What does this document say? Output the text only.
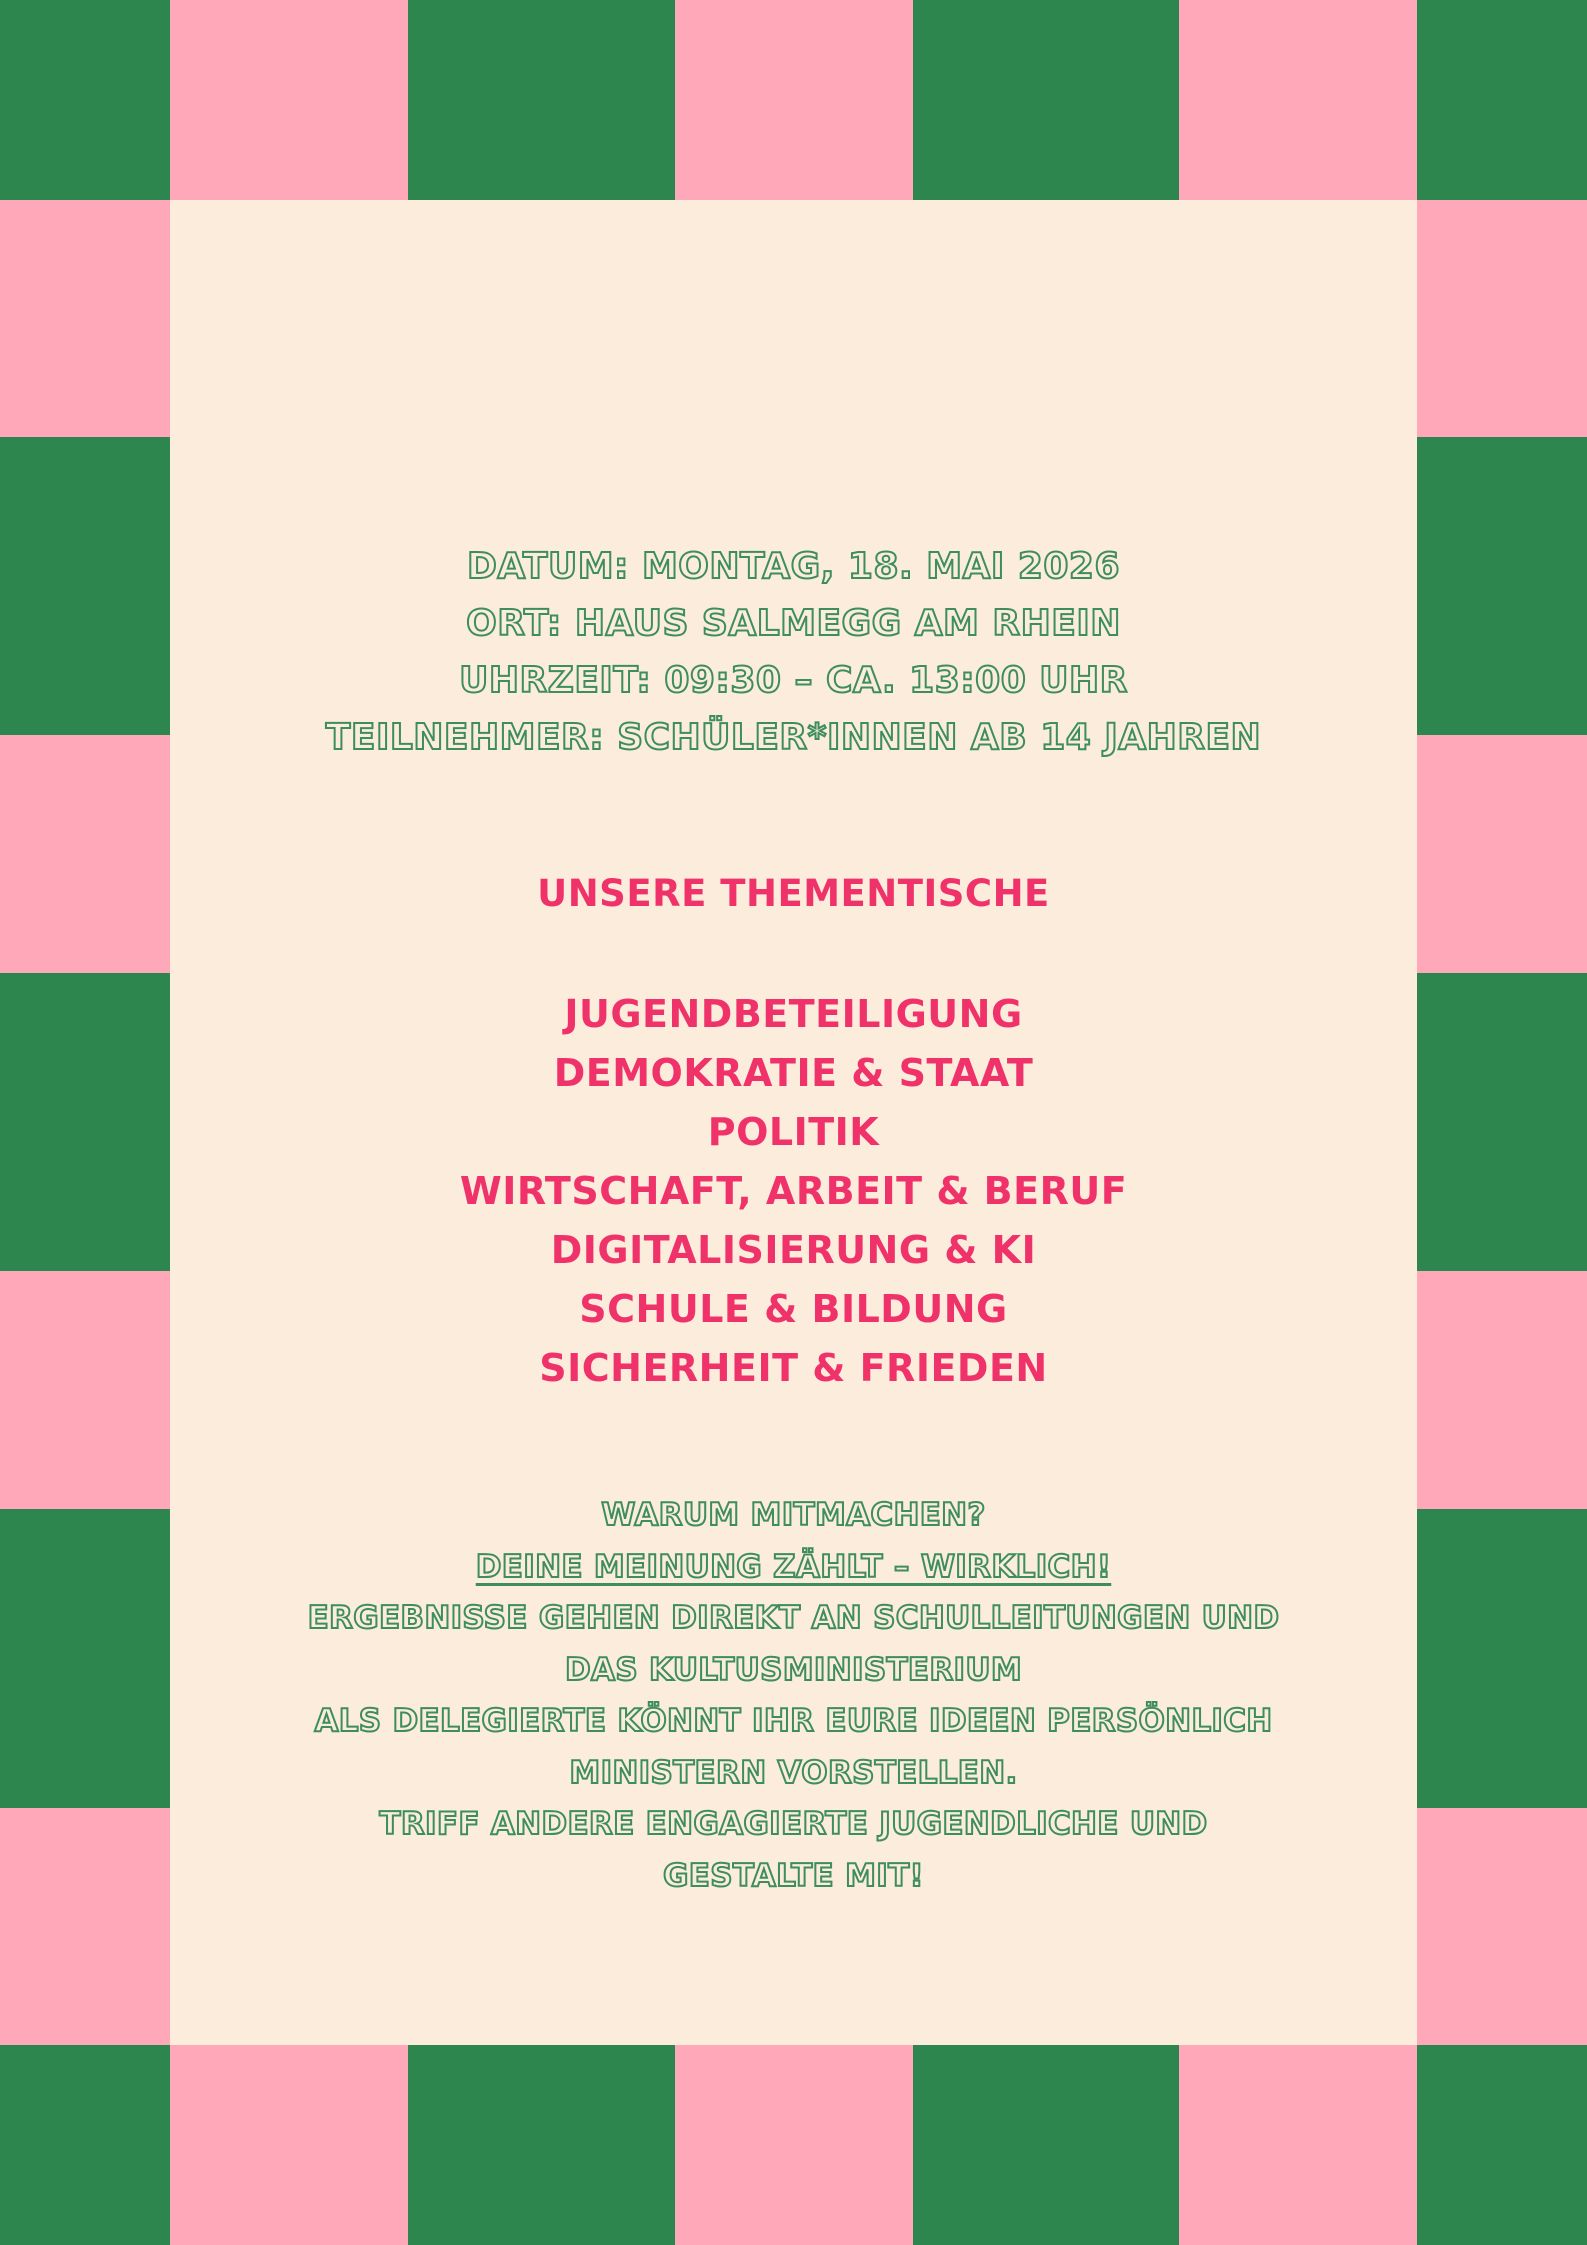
DATUM: MONTAG, 18. MAI 2026
ORT: HAUS SALMEGG AM RHEIN
UHRZEIT: 09:30 – CA. 13:00 UHR
TEILNEHMER: SCHÜLER*INNEN AB 14 JAHREN
UNSERE THEMENTISCHE
JUGENDBETEILIGUNG
DEMOKRATIE & STAAT
POLITIK
WIRTSCHAFT, ARBEIT & BERUF
DIGITALISIERUNG & KI
SCHULE & BILDUNG
SICHERHEIT & FRIEDEN
WARUM MITMACHEN?
DEINE MEINUNG ZÄHLT – WIRKLICH!
ERGEBNISSE GEHEN DIREKT AN SCHULLEITUNGEN UND
DAS KULTUSMINISTERIUM
ALS DELEGIERTE KÖNNT IHR EURE IDEEN PERSÖNLICH
MINISTERN VORSTELLEN.
TRIFF ANDERE ENGAGIERTE JUGENDLICHE UND
GESTALTE MIT!
